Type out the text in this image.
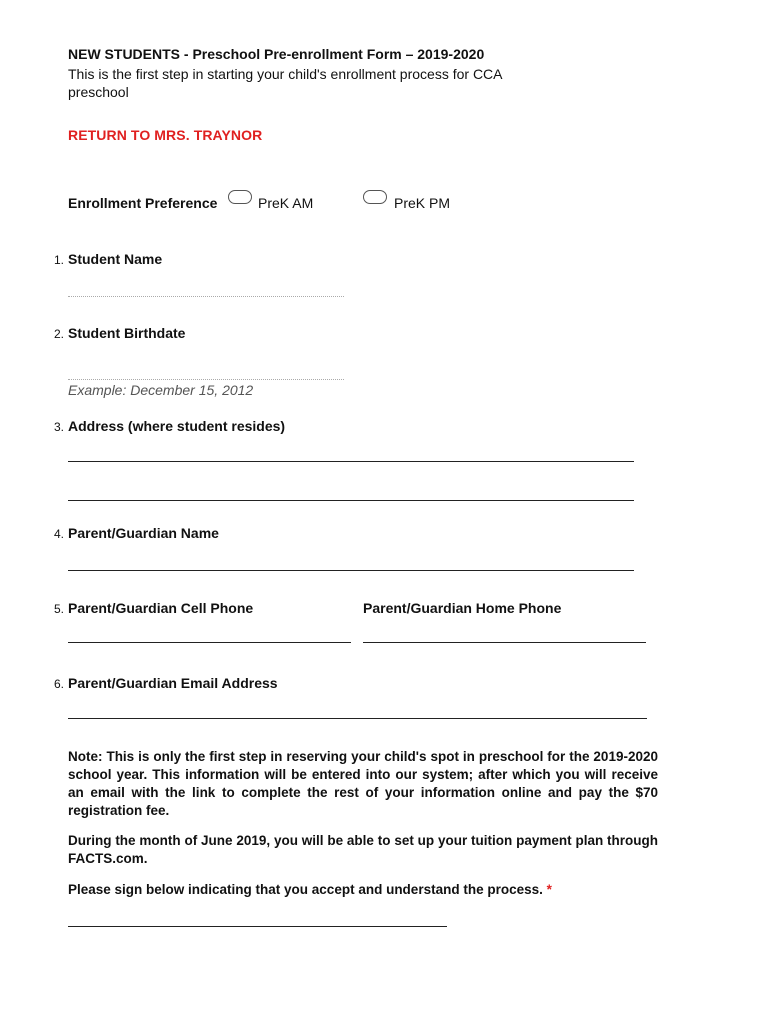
NEW STUDENTS - Preschool Pre-enrollment Form – 2019-2020
This is the first step in starting your child's enrollment process for CCA preschool
RETURN TO MRS. TRAYNOR
Enrollment Preference	PreK AM	PreK PM
1. Student Name
2. Student Birthdate
Example: December 15, 2012
3. Address (where student resides)
4. Parent/Guardian Name
5. Parent/Guardian Cell Phone	Parent/Guardian Home Phone
6. Parent/Guardian Email Address
Note: This is only the first step in reserving your child's spot in preschool for the 2019-2020 school year. This information will be entered into our system; after which you will receive an email with the link to complete the rest of your information online and pay the $70 registration fee.
During the month of June 2019, you will be able to set up your tuition payment plan through FACTS.com.
Please sign below indicating that you accept and understand the process. *
